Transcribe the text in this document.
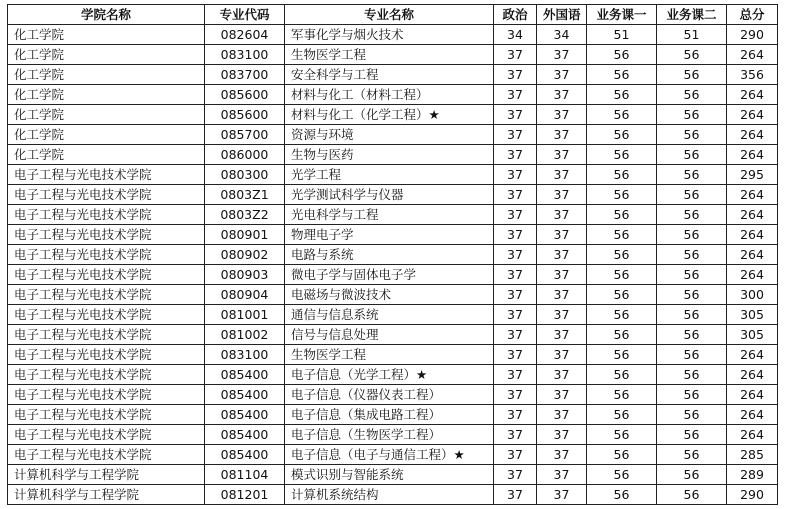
学院名称	专业代码	专业名称	政治	外国语	业务课一	业务课二	总分
化工学院	082604	军事化学与烟火技术	34	34	51	51	290
化工学院	083100	生物医学工程	37	37	56	56	264
化工学院	083700	安全科学与工程	37	37	56	56	356
化工学院	085600	材料与化工（材料工程）	37	37	56	56	264
化工学院	085600	材料与化工（化学工程）★	37	37	56	56	264
化工学院	085700	资源与环境	37	37	56	56	264
化工学院	086000	生物与医药	37	37	56	56	264
电子工程与光电技术学院	080300	光学工程	37	37	56	56	295
电子工程与光电技术学院	0803Z1	光学测试科学与仪器	37	37	56	56	264
电子工程与光电技术学院	0803Z2	光电科学与工程	37	37	56	56	264
电子工程与光电技术学院	080901	物理电子学	37	37	56	56	264
电子工程与光电技术学院	080902	电路与系统	37	37	56	56	264
电子工程与光电技术学院	080903	微电子学与固体电子学	37	37	56	56	264
电子工程与光电技术学院	080904	电磁场与微波技术	37	37	56	56	300
电子工程与光电技术学院	081001	通信与信息系统	37	37	56	56	305
电子工程与光电技术学院	081002	信号与信息处理	37	37	56	56	305
电子工程与光电技术学院	083100	生物医学工程	37	37	56	56	264
电子工程与光电技术学院	085400	电子信息（光学工程）★	37	37	56	56	264
电子工程与光电技术学院	085400	电子信息（仪器仪表工程）	37	37	56	56	264
电子工程与光电技术学院	085400	电子信息（集成电路工程）	37	37	56	56	264
电子工程与光电技术学院	085400	电子信息（生物医学工程）	37	37	56	56	264
电子工程与光电技术学院	085400	电子信息（电子与通信工程）★	37	37	56	56	285
计算机科学与工程学院	081104	模式识别与智能系统	37	37	56	56	289
计算机科学与工程学院	081201	计算机系统结构	37	37	56	56	290
